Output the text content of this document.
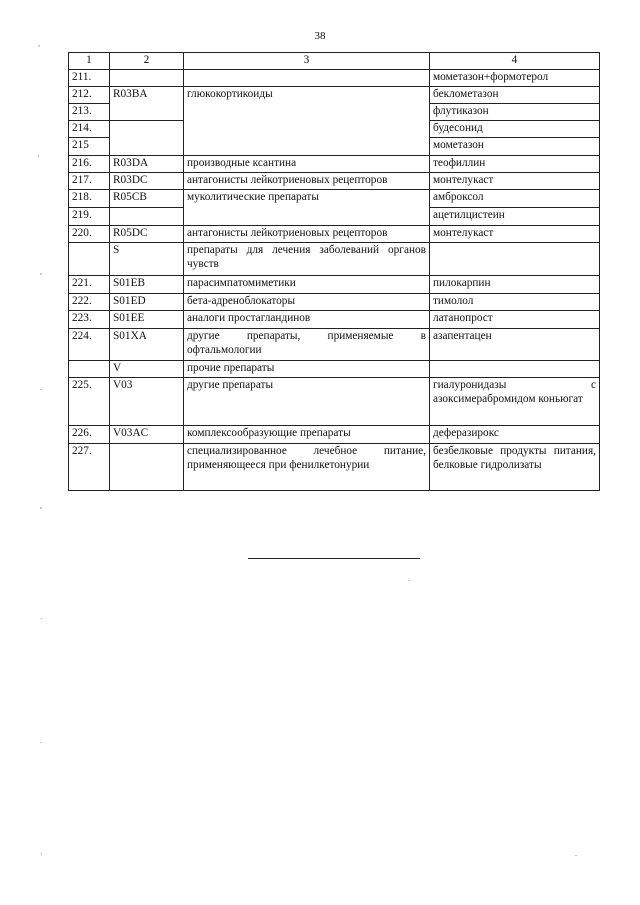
38
1	2	3	4
211.			мометазон+формотерол
212.	R03BA	глюкокортикоиды	беклометазон
213.			флутиказон
214.			будесонид
215			мометазон
216.	R03DA	производные ксантина	теофиллин
217.	R03DC	антагонисты лейкотриеновых рецепторов	монтелукаст
218.	R05CB	муколитические препараты	амброксол
219.			ацетилцистеин
220.	R05DC	антагонисты лейкотриеновых рецепторов	монтелукаст
	S	препараты для лечения заболеваний органов чувств	
221.	S01EB	парасимпатомиметики	пилокарпин
222.	S01ED	бета-адреноблокаторы	тимолол
223.	S01EE	аналоги простагландинов	латанопрост
224.	S01XA	другие препараты, применяемые в офтальмологии	азапентацен
	V	прочие препараты	
225.	V03	другие препараты	гиалуронидазы с азоксимерабромидом коньюгат
226.	V03AC	комплексообразующие препараты	деферазирокс
227.		специализированное лечебное питание, применяющееся при фенилкетонурии	безбелковые продукты питания, белковые гидролизаты
,
'
,
.
,
`
.
`
.
.
